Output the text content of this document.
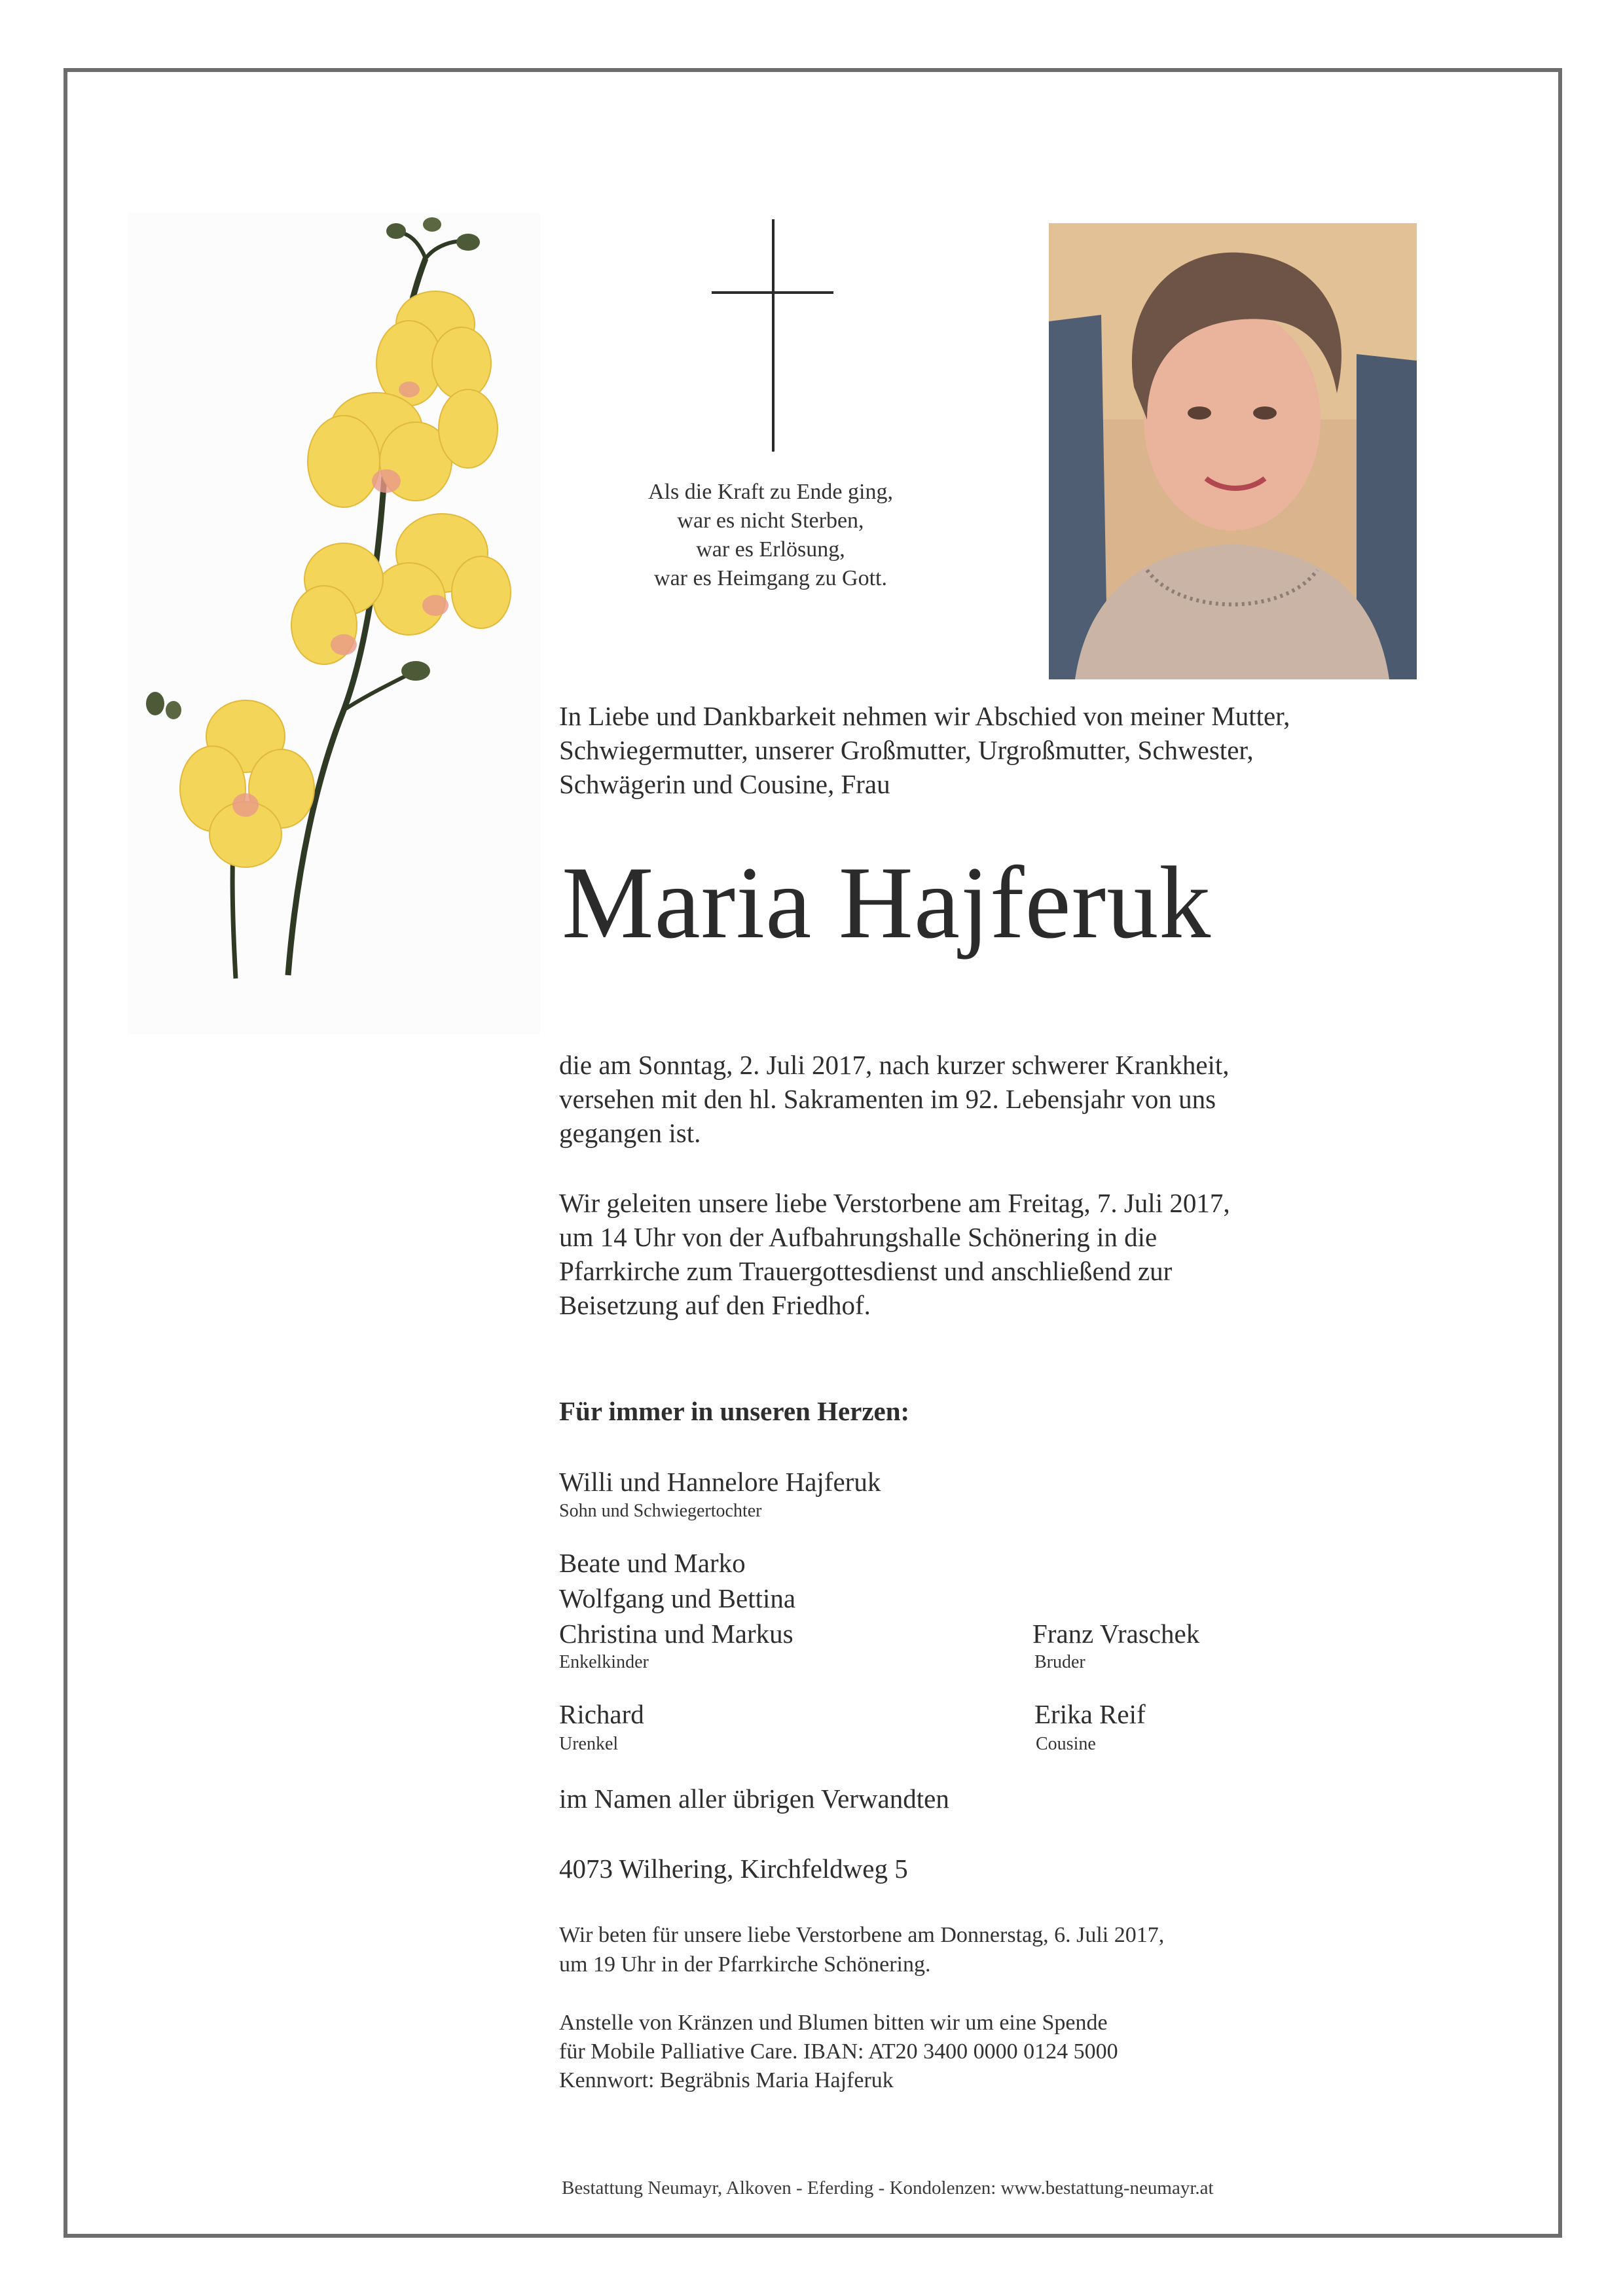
Als die Kraft zu Ende ging,
war es nicht Sterben,
war es Erlösung,
war es Heimgang zu Gott.
In Liebe und Dankbarkeit nehmen wir Abschied von meiner Mutter,
Schwiegermutter, unserer Großmutter, Urgroßmutter, Schwester,
Schwägerin und Cousine, Frau
Maria Hajferuk
die am Sonntag, 2. Juli 2017, nach kurzer schwerer Krankheit,
versehen mit den hl. Sakramenten im 92. Lebensjahr von uns
gegangen ist.
Wir geleiten unsere liebe Verstorbene am Freitag, 7. Juli 2017,
um 14 Uhr von der Aufbahrungshalle Schönering in die
Pfarrkirche zum Trauergottesdienst und anschließend zur
Beisetzung auf den Friedhof.
Für immer in unseren Herzen:
Willi und Hannelore Hajferuk
Sohn und Schwiegertochter
Beate und Marko
Wolfgang und Bettina
Christina und Markus
Enkelkinder
Franz Vraschek
Bruder
Richard
Urenkel
Erika Reif
Cousine
im Namen aller übrigen Verwandten
4073 Wilhering, Kirchfeldweg 5
Wir beten für unsere liebe Verstorbene am Donnerstag, 6. Juli 2017,
um 19 Uhr in der Pfarrkirche Schönering.
Anstelle von Kränzen und Blumen bitten wir um eine Spende
für Mobile Palliative Care. IBAN: AT20 3400 0000 0124 5000
Kennwort: Begräbnis Maria Hajferuk
Bestattung Neumayr, Alkoven - Eferding - Kondolenzen: www.bestattung-neumayr.at
